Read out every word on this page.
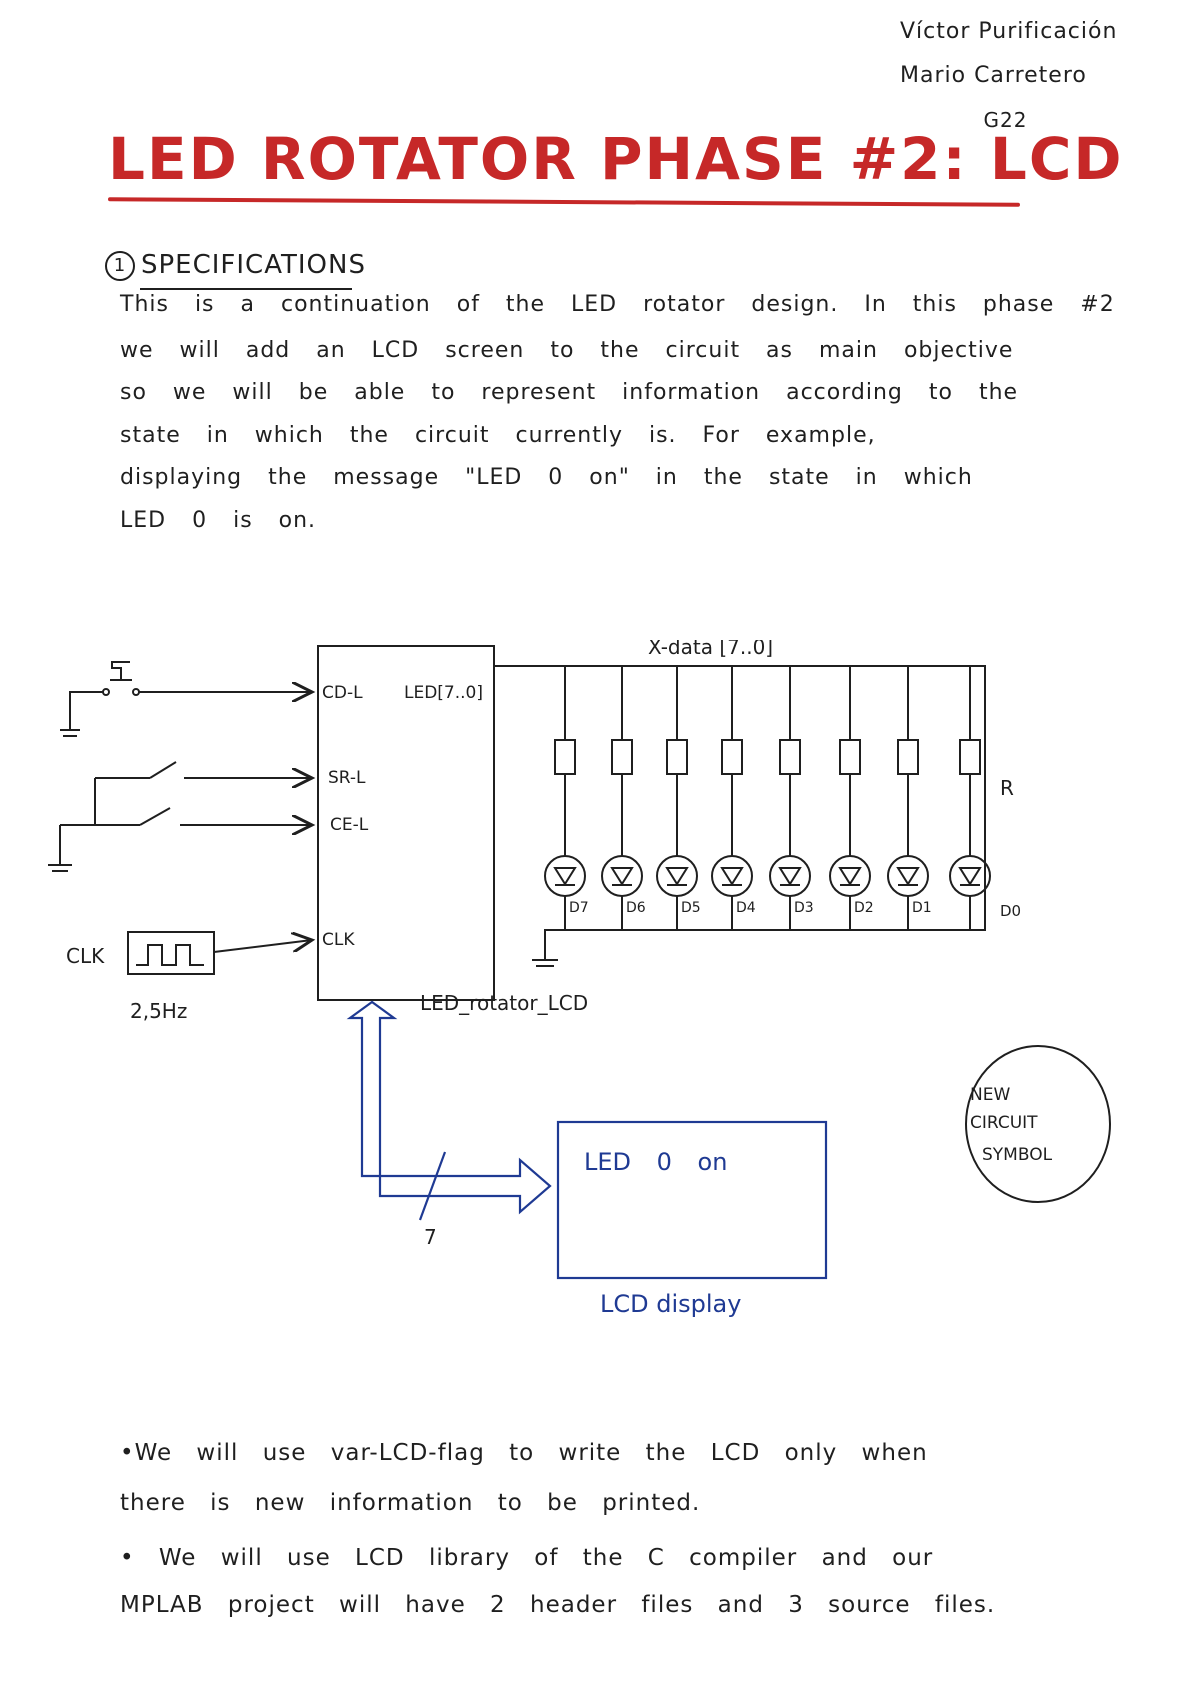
Víctor Purificación
Mario Carretero
G22
LED ROTATOR PHASE #2: LCD
1 SPECIFICATIONS
This is a continuation of the LED rotator design. In this phase #2
we will add an LCD screen to the circuit as main objective
so we will be able to represent information according to the
state in which the circuit currently is. For example,
displaying the message "LED 0 on" in the state in which
LED 0 is on.
X-data [7..0]
CD-L LED[7..0]
SR-L
CE-L
CLK
CLK
2,5Hz	LED_rotator_LCD
R
D0
7
D7	D6	D5	D4	D3	D2	D1
LED 0 on
LCD display
NEW
CIRCUIT
SYMBOL
•We will use var-LCD-flag to write the LCD only when
there is new information to be printed.
• We will use LCD library of the C compiler and our
MPLAB project will have 2 header files and 3 source files.
